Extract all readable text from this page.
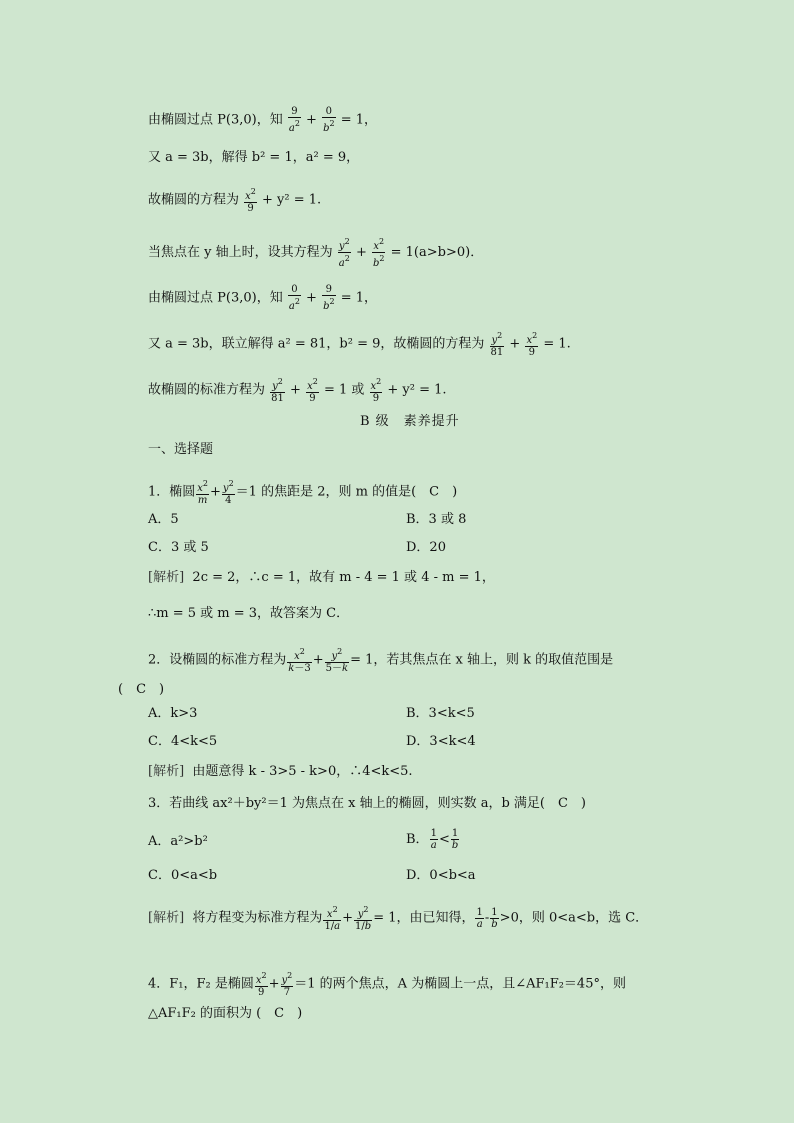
由椭圆过点 P(3,0)，知 $\frac{9}{a^2} + \frac{0}{b^2} = 1$，
又 a = 3b，解得 b² = 1，a² = 9，
故椭圆的方程为 $\frac{x^2}{9} + y^2 = 1$.
当焦点在 y 轴上时，设其方程为 $\frac{y^2}{a^2} + \frac{x^2}{b^2} = 1(a>b>0)$．
由椭圆过点 P(3,0)，知 $\frac{0}{a^2} + \frac{9}{b^2} = 1$，
又 a = 3b，联立解得 a² = 81，b² = 9，故椭圆的方程为 $\frac{y^2}{81} + \frac{x^2}{9} = 1$.
故椭圆的标准方程为 $\frac{y^2}{81} + \frac{x^2}{9} = 1$ 或 $\frac{x^2}{9} + y^2 = 1$.
B 级　素养提升
一、选择题
1．椭圆 $\frac{x^2}{m} + \frac{y^2}{4} =1$ 的焦距是 2，则 m 的值是(　C　)
A．5	B．3 或 8
C．3 或 5	D．20
[解析] 2c = 2，∴c = 1，故有 m - 4 = 1 或 4 - m = 1，
∴m = 5 或 m = 3，故答案为 C．
2．设椭圆的标准方程为 $\frac{x^2}{k-3} + \frac{y^2}{5-k} = 1$，若其焦点在 x 轴上，则 k 的取值范围是
(　C　)
A．k>3	B．3<k<5
C．4<k<5	D．3<k<4
[解析] 由题意得 k - 3>5 - k>0，∴4<k<5.
3．若曲线 ax²＋by²＝1 为焦点在 x 轴上的椭圆，则实数 a，b 满足(　C　)
A．a²>b²	B． $\frac{1}{a} < \frac{1}{b}$
C．0<a<b	D．0<b<a
[解析] 将方程变为标准方程为 $\frac{x^2}{1/a} + \frac{y^2}{1/b} = 1$，由已知得， $\frac{1}{a} - \frac{1}{b} >0$，则 0<a<b，选 C．
4．F₁，F₂ 是椭圆 $\frac{x^2}{9} + \frac{y^2}{7} =1$ 的两个焦点，A 为椭圆上一点，且∠AF₁F₂＝45°，则
△AF₁F₂ 的面积为 (　C　)
